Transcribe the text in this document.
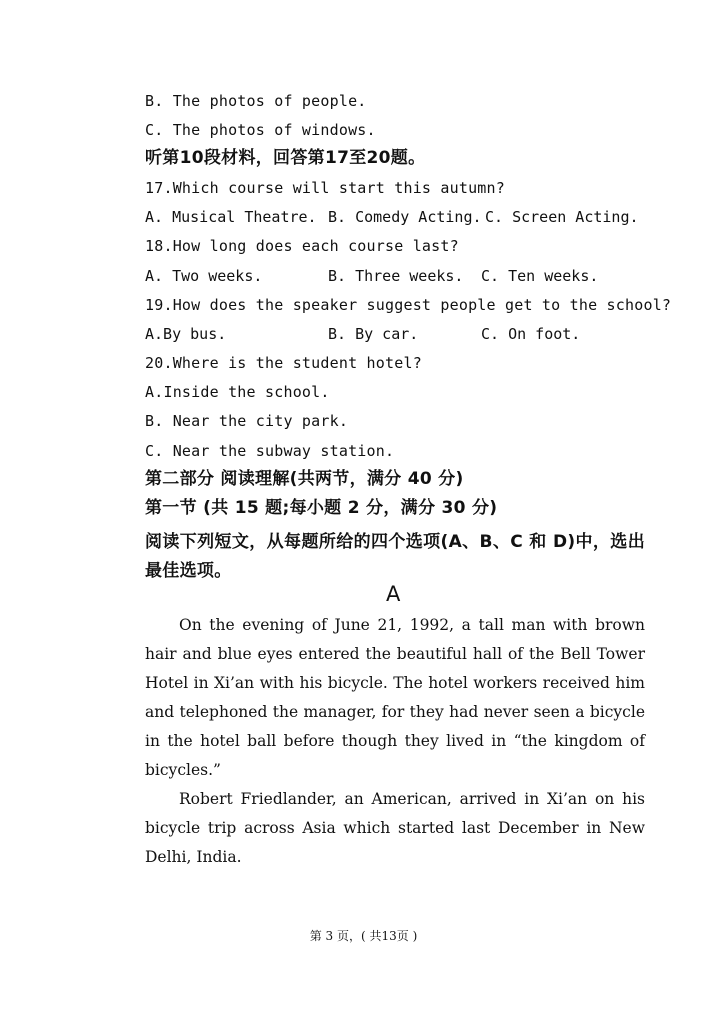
B. The photos of people.
C. The photos of windows.
听第10段材料，回答第17至20题。
17.Which course will start this autumn?
A. Musical Theatre. B. Comedy Acting. C. Screen Acting.
18.How long does each course last?
A. Two weeks.	B. Three weeks. C. Ten weeks.
19.How does the speaker suggest people get to the school?
A.By bus.	B. By car.	C. On foot.
20.Where is the student hotel?
A.Inside the school.
B. Near the city park.
C. Near the subway station.
第二部分 阅读理解(共两节，满分 40 分)
第一节 (共 15 题;每小题 2 分，满分 30 分)
阅读下列短文，从每题所给的四个选项(A、B、C 和 D)中，选出最佳选项。
A

On the evening of June 21, 1992, a tall man with brown hair and blue eyes entered the beautiful hall of the Bell Tower Hotel in Xi’an with his bicycle. The hotel workers received him and telephoned the manager, for they had never seen a bicycle in the hotel ball before though they lived in “the kingdom of bicycles.”

Robert Friedlander, an American, arrived in Xi’an on his bicycle trip across Asia which started last December in New Delhi, India.

第 3 页，( 共13页 )
